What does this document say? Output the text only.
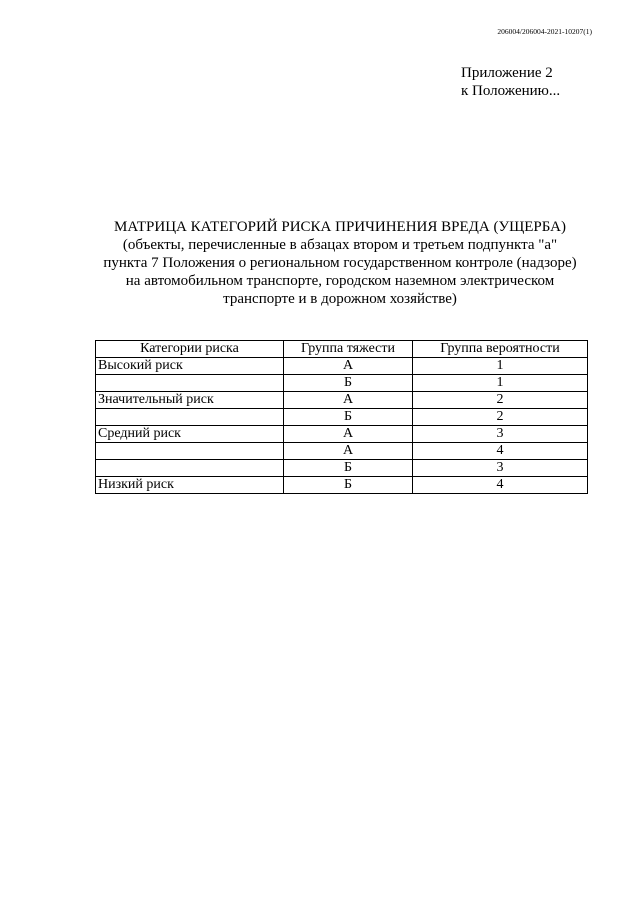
206004/206004-2021-10207(1)
Приложение 2
к Положению...
МАТРИЦА КАТЕГОРИЙ РИСКА ПРИЧИНЕНИЯ ВРЕДА (УЩЕРБА)
(объекты, перечисленные в абзацах втором и третьем подпункта "а"
пункта 7 Положения о региональном государственном контроле (надзоре)
на автомобильном транспорте, городском наземном электрическом
транспорте и в дорожном хозяйстве)
Категории риска	Группа тяжести	Группа вероятности
Высокий риск	А	1
	Б	1
Значительный риск	А	2
	Б	2
Средний риск	А	3
	А	4
	Б	3
Низкий риск	Б	4
